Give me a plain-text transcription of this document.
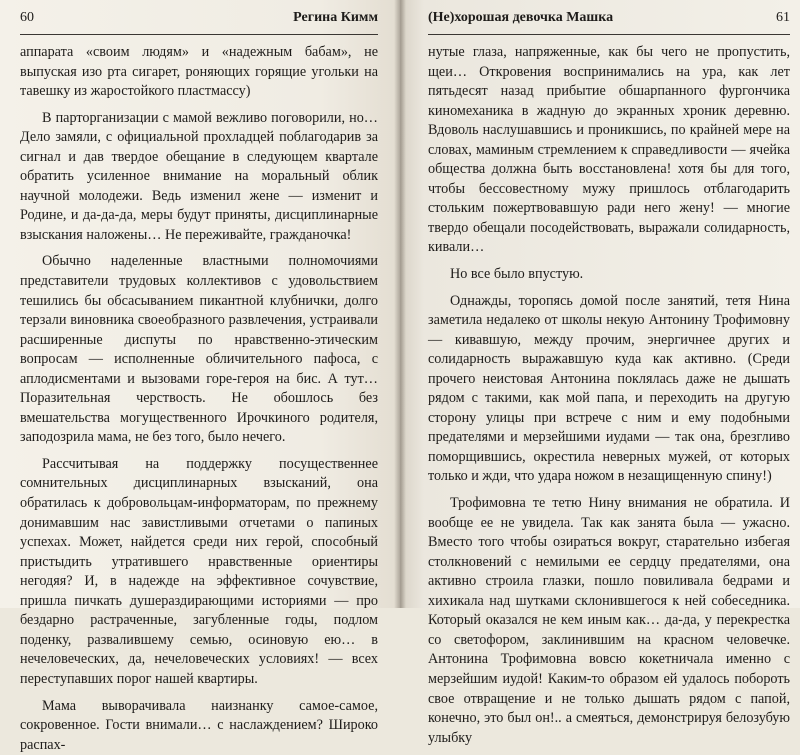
60	Регина Кимм

аппарата «своим людям» и «надежным бабам», не выпуская изо рта сигарет, роняющих горящие угольки на тавешку из жаростойкого пластмассу)

В парторганизации с мамой вежливо поговорили, но… Дело замяли, с официальной прохладцей поблагодарив за сигнал и дав твердое обещание в следующем квартале обратить усиленное внимание на моральный облик научной молодежи. Ведь изменил жене — изменит и Родине, и да-да-да, меры будут приняты, дисциплинарные взыскания наложены… Не переживайте, гражданочка!

Обычно наделенные властными полномочиями представители трудовых коллективов с удовольствием тешились бы обсасыванием пикантной клубнички, долго терзали виновника своеобразного развлечения, устраивали расширенные диспуты по нравственно-этическим вопросам — исполненные обличительного пафоса, с аплодисментами и вызовами горе-героя на бис. А тут… Поразительная черствость. Не обошлось без вмешательства могущественного Ирочкиного родителя, заподозрила мама, не без того, было нечего.

Рассчитывая на поддержку посущественнее сомнительных дисциплинарных взысканий, она обратилась к добровольцам-информаторам, по прежнему донимавшим нас завистливыми отчетами о папиных успехах. Может, найдется среди них герой, способный пристыдить утратившего нравственные ориентиры негодяя? И, в надежде на эффективное сочувствие, пришла пичкать душераздирающими историями — про бездарно растраченные, загубленные годы, подлом поденку, развалившему семью, осиновую ею… в нечеловеческих, да, нечеловеческих условиях! — всех переступавших порог нашей квартиры.

Мама выворачивала наизнанку самое-самое, сокровенное. Гости внимали… с наслаждением? Широко распах-

(Не)хорошая девочка Машка	61

нутые глаза, напряженные, как бы чего не пропустить, щеи… Откровения воспринимались на ура, как лет пятьдесят назад прибытие обшарпанного фургончика киномеханика в жадную до экранных хроник деревню. Вдоволь наслушавшись и проникшись, по крайней мере на словах, маминым стремлением к справедливости — ячейка общества должна быть восстановлена! хотя бы для того, чтобы бессовестному мужу пришлось отблагодарить стольким пожертвовавшую ради него жену! — многие твердо обещали посодействовать, выражали солидарность, кивали…

Но все было впустую.

Однажды, торопясь домой после занятий, тетя Нина заметила недалеко от школы некую Антонину Трофимовну — кивавшую, между прочим, энергичнее других и солидарность выражавшую куда как активно. (Среди прочего неистовая Антонина поклялась даже не дышать рядом с такими, как мой папа, и переходить на другую сторону улицы при встрече с ним и ему подобными предателями и мерзейшими иудами — так она, брезгливо поморщившись, окрестила неверных мужей, от которых только и жди, что удара ножом в незащищенную спину!)

Трофимовна те тетю Нину внимания не обратила. И вообще ее не увидела. Так как занята была — ужасно. Вместо того чтобы озираться вокруг, старательно избегая столкновений с немилыми ее сердцу предателями, она активно строила глазки, пошло повиливала бедрами и хихикала над шутками склонившегося к ней собеседника. Который оказался не кем иным как… да-да, у перекрестка со светофором, заклинившим на красном человечке. Антонина Трофимовна вовсю кокетничала именно с мерзейшим иудой! Каким-то образом ей удалось побороть свое отвращение и не только дышать рядом с папой, конечно, это был он!.. а смеяться, демонстрируя белозубую улыбку
